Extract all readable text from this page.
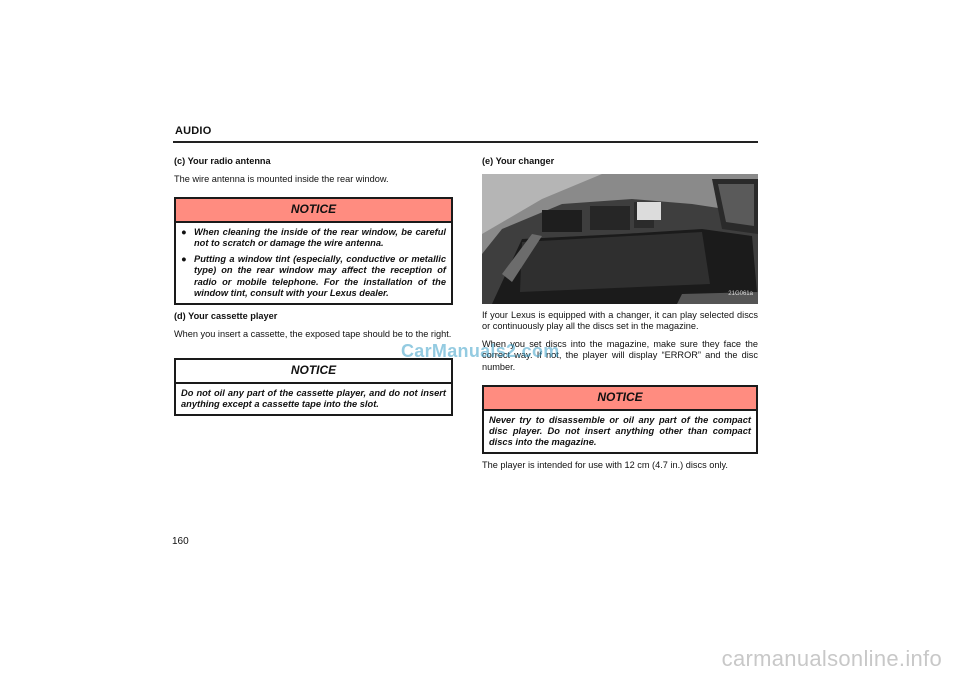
AUDIO
(c) Your radio antenna
The wire antenna is mounted inside the rear window.
NOTICE
● When cleaning the inside of the rear window, be careful not to scratch or damage the wire antenna.
● Putting a window tint (especially, conductive or metallic type) on the rear window may affect the reception of radio or mobile telephone. For the installation of the window tint, consult with your Lexus dealer.
(d) Your cassette player
When you insert a cassette, the exposed tape should be to the right.
NOTICE
Do not oil any part of the cassette player, and do not insert anything except a cassette tape into the slot.
(e) Your changer
21G061a
If your Lexus is equipped with a changer, it can play selected discs or continuously play all the discs set in the magazine.
When you set discs into the magazine, make sure they face the correct way. If not, the player will display “ERROR” and the disc number.
NOTICE
Never try to disassemble or oil any part of the compact disc player. Do not insert anything other than compact discs into the magazine.
The player is intended for use with 12 cm (4.7 in.) discs only.
160
CarManuals2.com
carmanualsonline.info
